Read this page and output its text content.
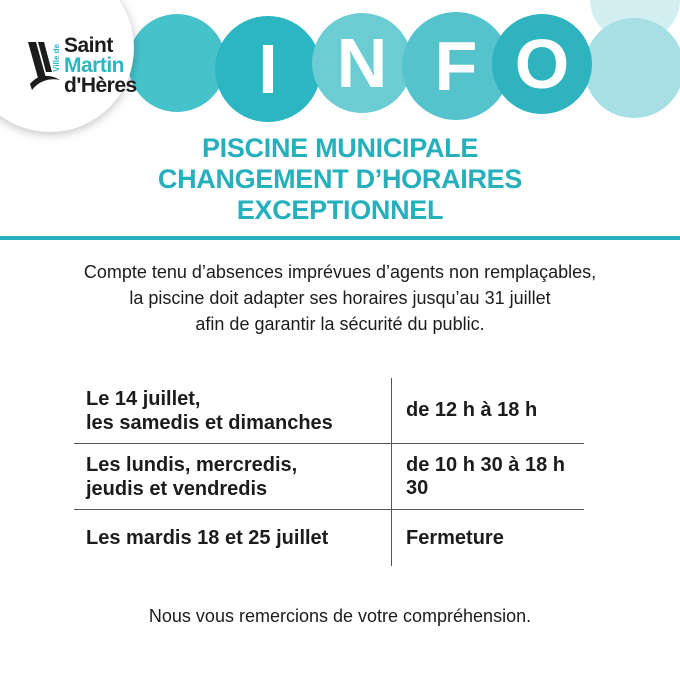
I N F O
Ville de Saint
Martin
d'Hères
PISCINE MUNICIPALE
CHANGEMENT D’HORAIRES
EXCEPTIONNEL
Compte tenu d’absences imprévues d’agents non remplaçables,
la piscine doit adapter ses horaires jusqu’au 31 juillet
afin de garantir la sécurité du public.
Le 14 juillet,
les samedis et dimanches
de 12 h à 18 h
Les lundis, mercredis,
jeudis et vendredis
de 10 h 30 à 18 h 30
Les mardis 18 et 25 juillet	Fermeture
Nous vous remercions de votre compréhension.
